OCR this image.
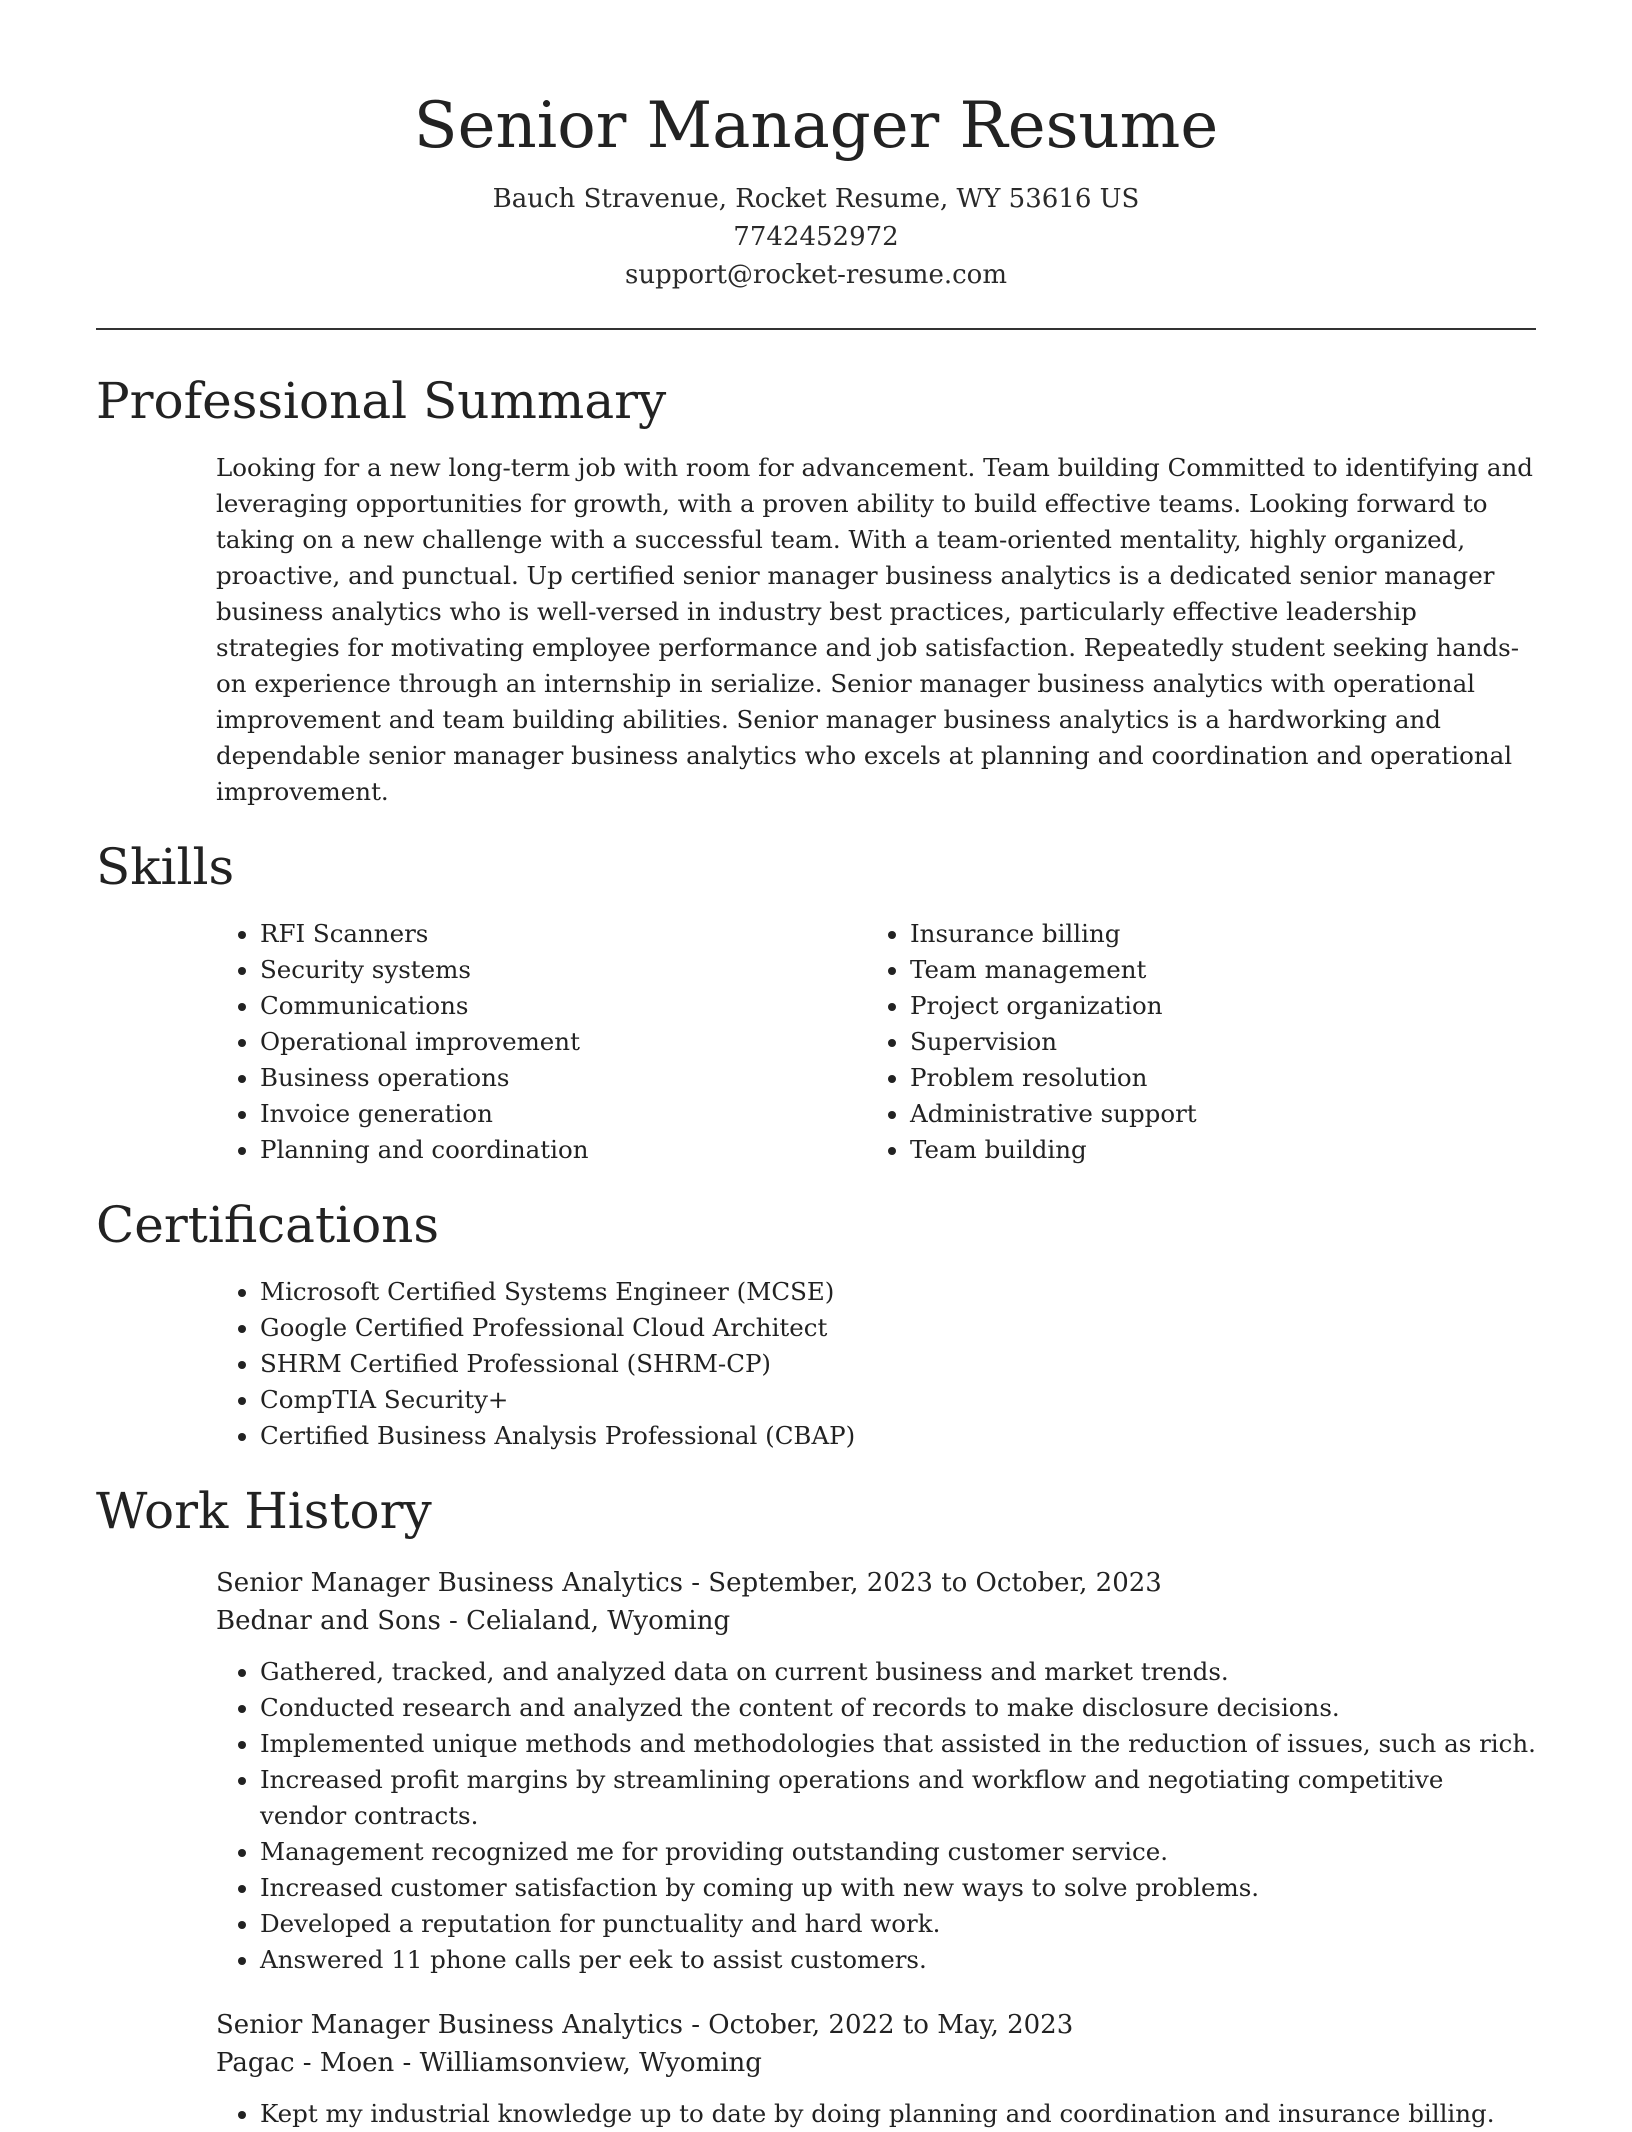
Senior Manager Resume
Bauch Stravenue, Rocket Resume, WY 53616 US
7742452972
support@rocket-resume.com
Professional Summary

Looking for a new long-term job with room for advancement. Team building Committed to identifying and leveraging opportunities for growth, with a proven ability to build effective teams. Looking forward to taking on a new challenge with a successful team. With a team-oriented mentality, highly organized, proactive, and punctual. Up certified senior manager business analytics is a dedicated senior manager business analytics who is well-versed in industry best practices, particularly effective leadership strategies for motivating employee performance and job satisfaction. Repeatedly student seeking hands-on experience through an internship in serialize. Senior manager business analytics with operational improvement and team building abilities. Senior manager business analytics is a hardworking and dependable senior manager business analytics who excels at planning and coordination and operational improvement.

Skills
• RFI Scanners
• Security systems
• Communications
• Operational improvement
• Business operations
• Invoice generation
• Planning and coordination
• Insurance billing
• Team management
• Project organization
• Supervision
• Problem resolution
• Administrative support
• Team building
Certifications
• Microsoft Certified Systems Engineer (MCSE)
• Google Certified Professional Cloud Architect
• SHRM Certified Professional (SHRM-CP)
• CompTIA Security+
• Certified Business Analysis Professional (CBAP)
Work History
Senior Manager Business Analytics - September, 2023 to October, 2023
Bednar and Sons - Celialand, Wyoming
• Gathered, tracked, and analyzed data on current business and market trends.
• Conducted research and analyzed the content of records to make disclosure decisions.
• Implemented unique methods and methodologies that assisted in the reduction of issues, such as rich.
• Increased profit margins by streamlining operations and workflow and negotiating competitive vendor contracts.
• Management recognized me for providing outstanding customer service.
• Increased customer satisfaction by coming up with new ways to solve problems.
• Developed a reputation for punctuality and hard work.
• Answered 11 phone calls per eek to assist customers.
Senior Manager Business Analytics - October, 2022 to May, 2023
Pagac - Moen - Williamsonview, Wyoming
• Kept my industrial knowledge up to date by doing planning and coordination and insurance billing.
